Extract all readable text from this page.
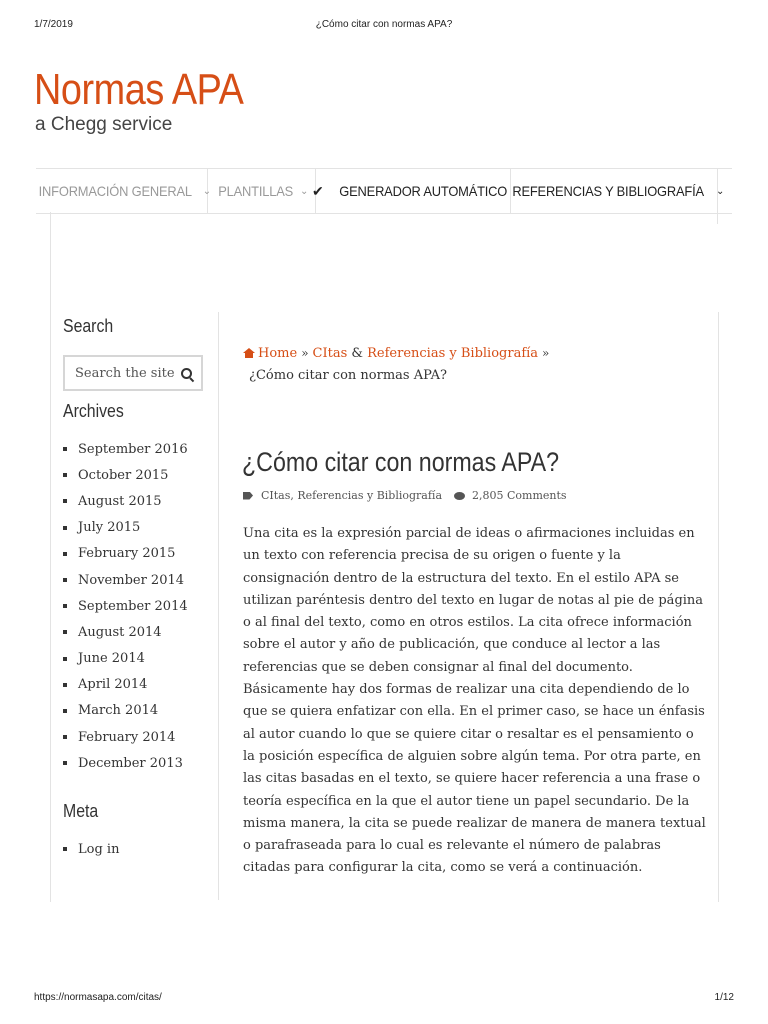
1/7/2019	¿Cómo citar con normas APA?
Normas APA
a Chegg service
INFORMACIÓN GENERAL ⌄ PLANTILLAS ⌄ ✔ GENERADOR AUTOMÁTICO REFERENCIAS Y BIBLIOGRAFÍA ⌄
Search
Search the site
Archives
September 2016
October 2015
August 2015
July 2015
February 2015
November 2014
September 2014
August 2014
June 2014
April 2014
March 2014
February 2014
December 2013
Meta
Log in
Home » CItas & Referencias y Bibliografía »
¿Cómo citar con normas APA?
¿Cómo citar con normas APA?
CItas, Referencias y Bibliografía	2,805 Comments

Una cita es la expresión parcial de ideas o afirmaciones incluidas en un texto con referencia precisa de su origen o fuente y la consignación dentro de la estructura del texto. En el estilo APA se utilizan paréntesis dentro del texto en lugar de notas al pie de página o al final del texto, como en otros estilos. La cita ofrece información sobre el autor y año de publicación, que conduce al lector a las referencias que se deben consignar al final del documento. Básicamente hay dos formas de realizar una cita dependiendo de lo que se quiera enfatizar con ella. En el primer caso, se hace un énfasis al autor cuando lo que se quiere citar o resaltar es el pensamiento o la posición específica de alguien sobre algún tema. Por otra parte, en las citas basadas en el texto, se quiere hacer referencia a una frase o teoría específica en la que el autor tiene un papel secundario. De la misma manera, la cita se puede realizar de manera de manera textual o parafraseada para lo cual es relevante el número de palabras citadas para configurar la cita, como se verá a continuación.

https://normasapa.com/citas/	1/12
